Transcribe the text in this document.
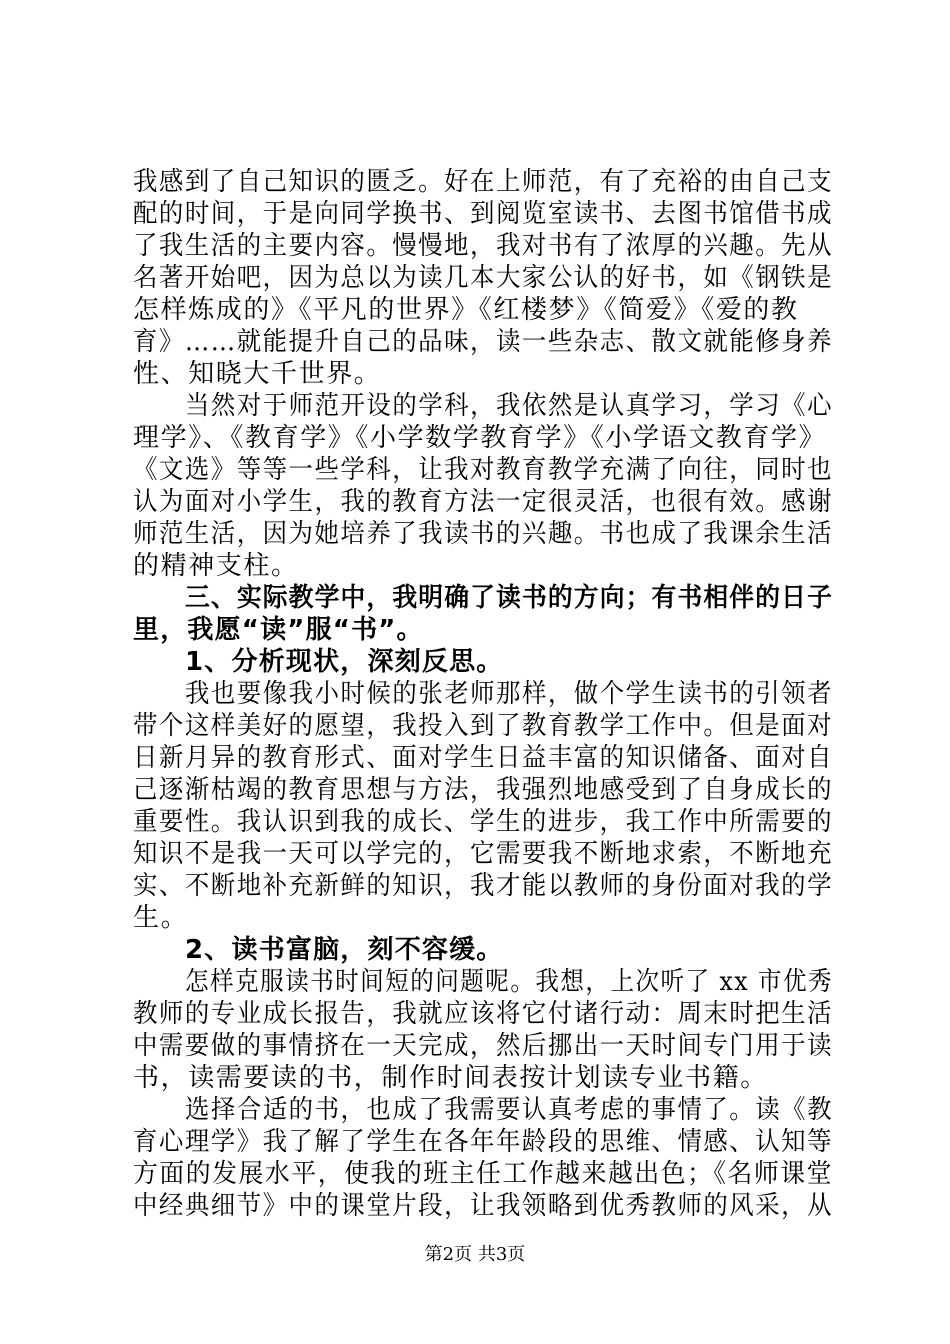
我感到了自己知识的匮乏。好在上师范，有了充裕的由自己支
配的时间，于是向同学换书、到阅览室读书、去图书馆借书成
了我生活的主要内容。慢慢地，我对书有了浓厚的兴趣。先从
名著开始吧，因为总以为读几本大家公认的好书，如《钢铁是
怎样炼成的》《平凡的世界》《红楼梦》《简爱》《爱的教
育》……就能提升自己的品味，读一些杂志、散文就能修身养
性、知晓大千世界。
当然对于师范开设的学科，我依然是认真学习，学习《心
理学》、《教育学》《小学数学教育学》《小学语文教育学》
《文选》等等一些学科，让我对教育教学充满了向往，同时也
认为面对小学生，我的教育方法一定很灵活，也很有效。感谢
师范生活，因为她培养了我读书的兴趣。书也成了我课余生活
的精神支柱。
三、实际教学中，我明确了读书的方向；有书相伴的日子
里，我愿“读”服“书”。
1、分析现状，深刻反思。
我也要像我小时候的张老师那样，做个学生读书的引领者
带个这样美好的愿望，我投入到了教育教学工作中。但是面对
日新月异的教育形式、面对学生日益丰富的知识储备、面对自
己逐渐枯竭的教育思想与方法，我强烈地感受到了自身成长的
重要性。我认识到我的成长、学生的进步，我工作中所需要的
知识不是我一天可以学完的，它需要我不断地求索，不断地充
实、不断地补充新鲜的知识，我才能以教师的身份面对我的学
生。
2、读书富脑，刻不容缓。
怎样克服读书时间短的问题呢。我想，上次听了 xx 市优秀
教师的专业成长报告，我就应该将它付诸行动：周末时把生活
中需要做的事情挤在一天完成，然后挪出一天时间专门用于读
书，读需要读的书，制作时间表按计划读专业书籍。
选择合适的书，也成了我需要认真考虑的事情了。读《教
育心理学》我了解了学生在各年年龄段的思维、情感、认知等
方面的发展水平，使我的班主任工作越来越出色；《名师课堂
中经典细节》中的课堂片段，让我领略到优秀教师的风采，从
第2页 共3页
